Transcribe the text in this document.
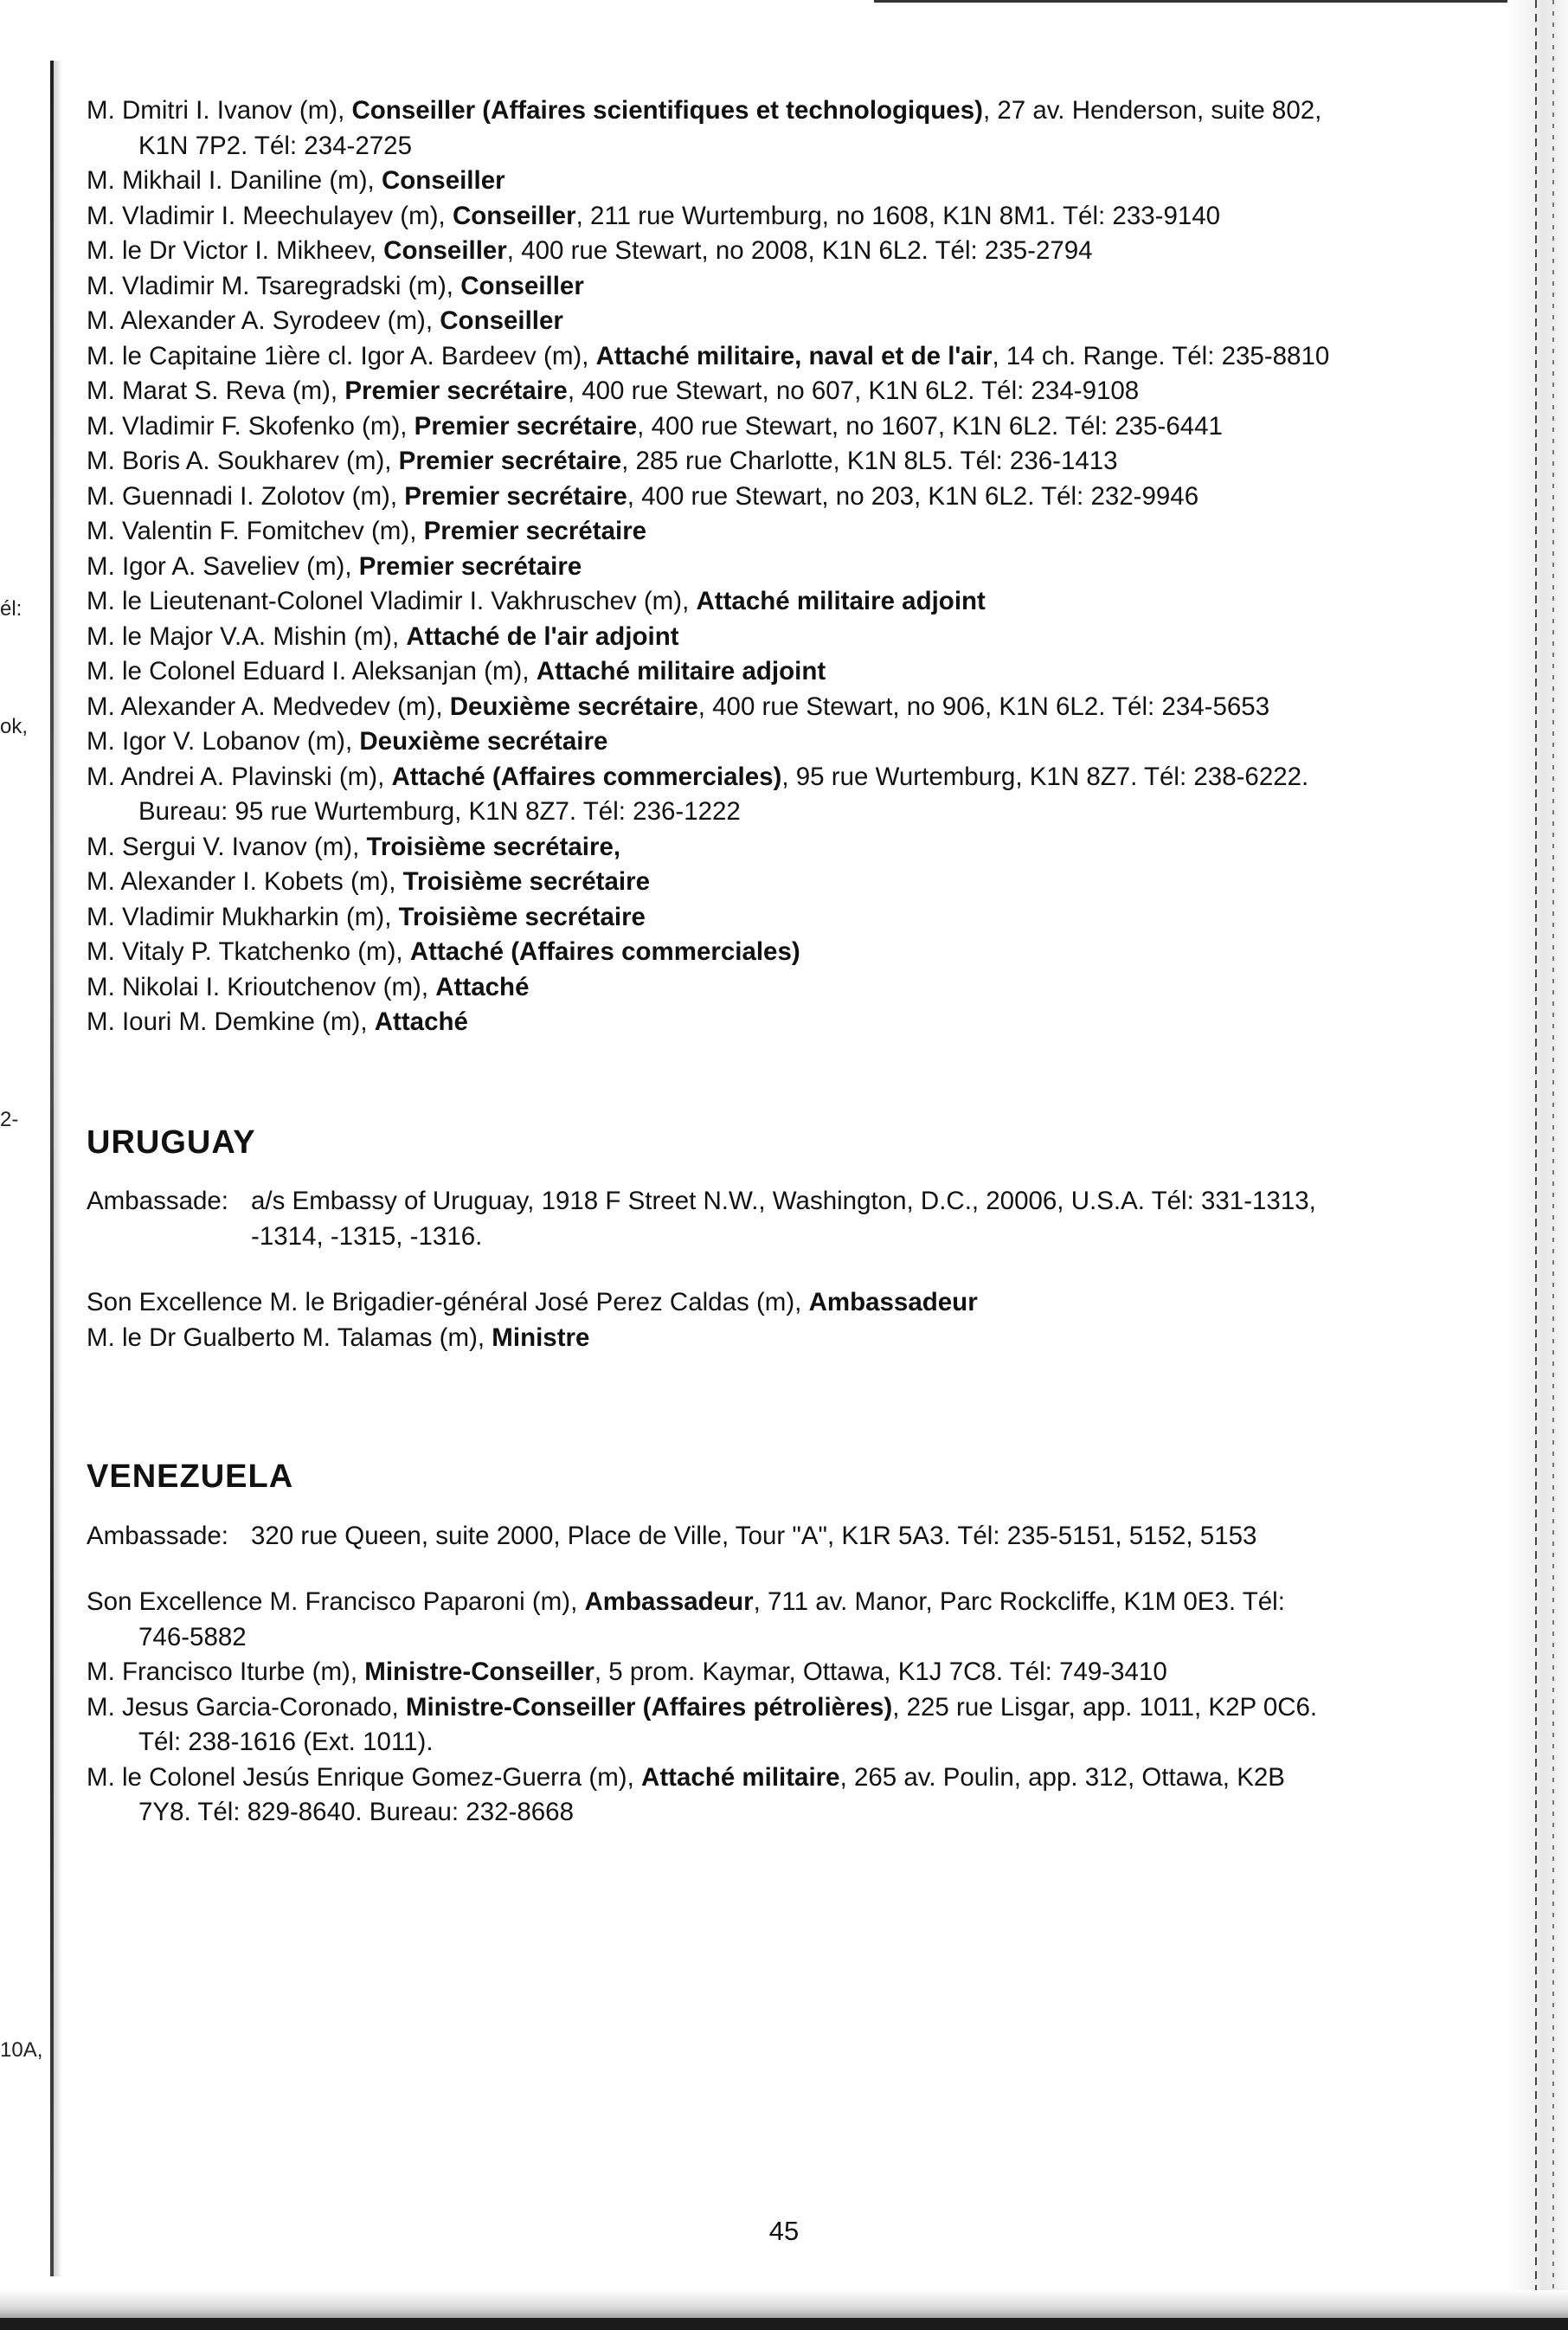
él:
ok,
2-
10A,

M. Dmitri I. Ivanov (m), Conseiller (Affaires scientifiques et technologiques), 27 av. Henderson, suite 802, K1N 7P2. Tél: 234-2725

M. Mikhail I. Daniline (m), Conseiller

M. Vladimir I. Meechulayev (m), Conseiller, 211 rue Wurtemburg, no 1608, K1N 8M1. Tél: 233-9140

M. le Dr Victor I. Mikheev, Conseiller, 400 rue Stewart, no 2008, K1N 6L2. Tél: 235-2794

M. Vladimir M. Tsaregradski (m), Conseiller

M. Alexander A. Syrodeev (m), Conseiller

M. le Capitaine 1ière cl. Igor A. Bardeev (m), Attaché militaire, naval et de l'air, 14 ch. Range. Tél: 235-8810

M. Marat S. Reva (m), Premier secrétaire, 400 rue Stewart, no 607, K1N 6L2. Tél: 234-9108

M. Vladimir F. Skofenko (m), Premier secrétaire, 400 rue Stewart, no 1607, K1N 6L2. Tél: 235-6441

M. Boris A. Soukharev (m), Premier secrétaire, 285 rue Charlotte, K1N 8L5. Tél: 236-1413

M. Guennadi I. Zolotov (m), Premier secrétaire, 400 rue Stewart, no 203, K1N 6L2. Tél: 232-9946

M. Valentin F. Fomitchev (m), Premier secrétaire

M. Igor A. Saveliev (m), Premier secrétaire

M. le Lieutenant-Colonel Vladimir I. Vakhruschev (m), Attaché militaire adjoint

M. le Major V.A. Mishin (m), Attaché de l'air adjoint

M. le Colonel Eduard I. Aleksanjan (m), Attaché militaire adjoint

M. Alexander A. Medvedev (m), Deuxième secrétaire, 400 rue Stewart, no 906, K1N 6L2. Tél: 234-5653

M. Igor V. Lobanov (m), Deuxième secrétaire

M. Andrei A. Plavinski (m), Attaché (Affaires commerciales), 95 rue Wurtemburg, K1N 8Z7. Tél: 238-6222. Bureau: 95 rue Wurtemburg, K1N 8Z7. Tél: 236-1222

M. Sergui V. Ivanov (m), Troisième secrétaire,

M. Alexander I. Kobets (m), Troisième secrétaire

M. Vladimir Mukharkin (m), Troisième secrétaire

M. Vitaly P. Tkatchenko (m), Attaché (Affaires commerciales)

M. Nikolai I. Krioutchenov (m), Attaché

M. Iouri M. Demkine (m), Attaché

URUGUAY

Ambassade: a/s Embassy of Uruguay, 1918 F Street N.W., Washington, D.C., 20006, U.S.A. Tél: 331-1313, -1314, -1315, -1316.

Son Excellence M. le Brigadier-général José Perez Caldas (m), Ambassadeur

M. le Dr Gualberto M. Talamas (m), Ministre

VENEZUELA

Ambassade: 320 rue Queen, suite 2000, Place de Ville, Tour "A", K1R 5A3. Tél: 235-5151, 5152, 5153

Son Excellence M. Francisco Paparoni (m), Ambassadeur, 711 av. Manor, Parc Rockcliffe, K1M 0E3. Tél: 746-5882

M. Francisco Iturbe (m), Ministre-Conseiller, 5 prom. Kaymar, Ottawa, K1J 7C8. Tél: 749-3410

M. Jesus Garcia-Coronado, Ministre-Conseiller (Affaires pétrolières), 225 rue Lisgar, app. 1011, K2P 0C6. Tél: 238-1616 (Ext. 1011).

M. le Colonel Jesús Enrique Gomez-Guerra (m), Attaché militaire, 265 av. Poulin, app. 312, Ottawa, K2B 7Y8. Tél: 829-8640. Bureau: 232-8668

45
